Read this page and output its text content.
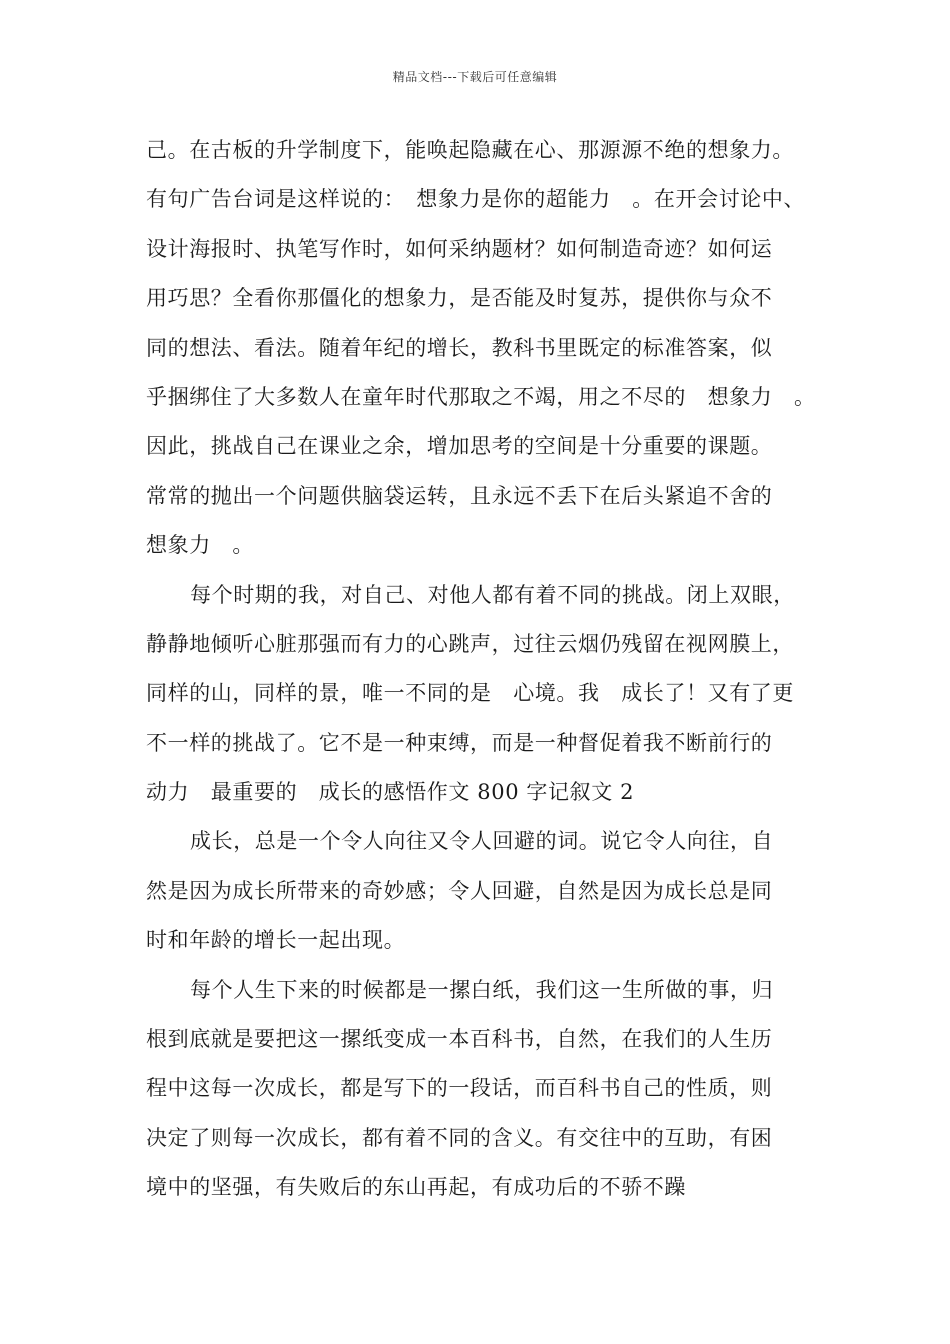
精品文档---下载后可任意编辑
己。在古板的升学制度下，能唤起隐藏在心、那源源不绝的想象力。
有句广告台词是这样说的：　想象力是你的超能力　。在开会讨论中、
设计海报时、执笔写作时，如何采纳题材？如何制造奇迹？如何运
用巧思？全看你那僵化的想象力，是否能及时复苏，提供你与众不
同的想法、看法。随着年纪的增长，教科书里既定的标准答案，似
乎捆绑住了大多数人在童年时代那取之不竭，用之不尽的　想象力　。
因此，挑战自己在课业之余，增加思考的空间是十分重要的课题。
常常的抛出一个问题供脑袋运转，且永远不丢下在后头紧追不舍的
想象力　。
每个时期的我，对自己、对他人都有着不同的挑战。闭上双眼，
静静地倾听心脏那强而有力的心跳声，过往云烟仍残留在视网膜上，
同样的山，同样的景，唯一不同的是　心境。我　成长了！又有了更
不一样的挑战了。它不是一种束缚，而是一种督促着我不断前行的
动力　最重要的　成长的感悟作文 800 字记叙文 2
成长，总是一个令人向往又令人回避的词。说它令人向往，自
然是因为成长所带来的奇妙感；令人回避，自然是因为成长总是同
时和年龄的增长一起出现。
每个人生下来的时候都是一摞白纸，我们这一生所做的事，归
根到底就是要把这一摞纸变成一本百科书，自然，在我们的人生历
程中这每一次成长，都是写下的一段话，而百科书自己的性质，则
决定了则每一次成长，都有着不同的含义。有交往中的互助，有困
境中的坚强，有失败后的东山再起，有成功后的不骄不躁
